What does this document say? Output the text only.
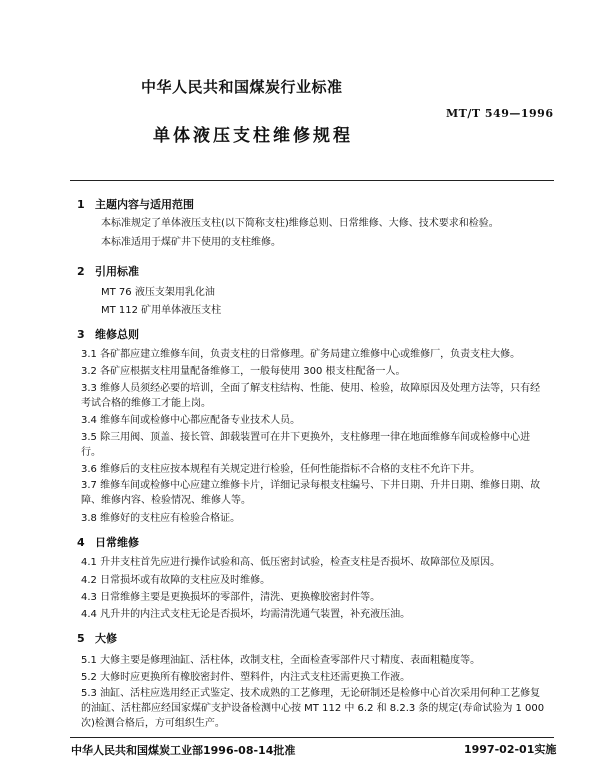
中华人民共和国煤炭行业标准
MT/T 549—1996
单体液压支柱维修规程
1 主题内容与适用范围
本标准规定了单体液压支柱(以下简称支柱)维修总则、日常维修、大修、技术要求和检验。
本标准适用于煤矿井下使用的支柱维修。
2 引用标准
MT 76 液压支架用乳化油
MT 112 矿用单体液压支柱
3 维修总则
3.1 各矿都应建立维修车间，负责支柱的日常修理。矿务局建立维修中心或维修厂，负责支柱大修。
3.2 各矿应根据支柱用量配备维修工，一般每使用 300 根支柱配备一人。
3.3 维修人员须经必要的培训，全面了解支柱结构、性能、使用、检验，故障原因及处理方法等，只有经考试合格的维修工才能上岗。
3.4 维修车间或检修中心都应配备专业技术人员。
3.5 除三用阀、顶盖、接长管、卸载装置可在井下更换外，支柱修理一律在地面维修车间或检修中心进行。
3.6 维修后的支柱应按本规程有关规定进行检验，任何性能指标不合格的支柱不允许下井。
3.7 维修车间或检修中心应建立维修卡片，详细记录每根支柱编号、下井日期、升井日期、维修日期、故障、维修内容、检验情况、维修人等。
3.8 维修好的支柱应有检验合格证。
4 日常维修
4.1 升井支柱首先应进行操作试验和高、低压密封试验，检查支柱是否损坏、故障部位及原因。
4.2 日常损坏或有故障的支柱应及时维修。
4.3 日常维修主要是更换损坏的零部件，清洗、更换橡胶密封件等。
4.4 凡升井的内注式支柱无论是否损坏，均需清洗通气装置，补充液压油。
5 大修
5.1 大修主要是修理油缸、活柱体，改制支柱，全面检查零部件尺寸精度、表面粗糙度等。
5.2 大修时应更换所有橡胶密封件、塑料件，内注式支柱还需更换工作液。
5.3 油缸、活柱应选用经正式鉴定、技术成熟的工艺修理，无论研制还是检修中心首次采用何种工艺修复的油缸、活柱都应经国家煤矿支护设备检测中心按 MT 112 中 6.2 和 8.2.3 条的规定(寿命试验为 1 000次)检测合格后，方可组织生产。
中华人民共和国煤炭工业部1996-08-14批准	1997-02-01实施
